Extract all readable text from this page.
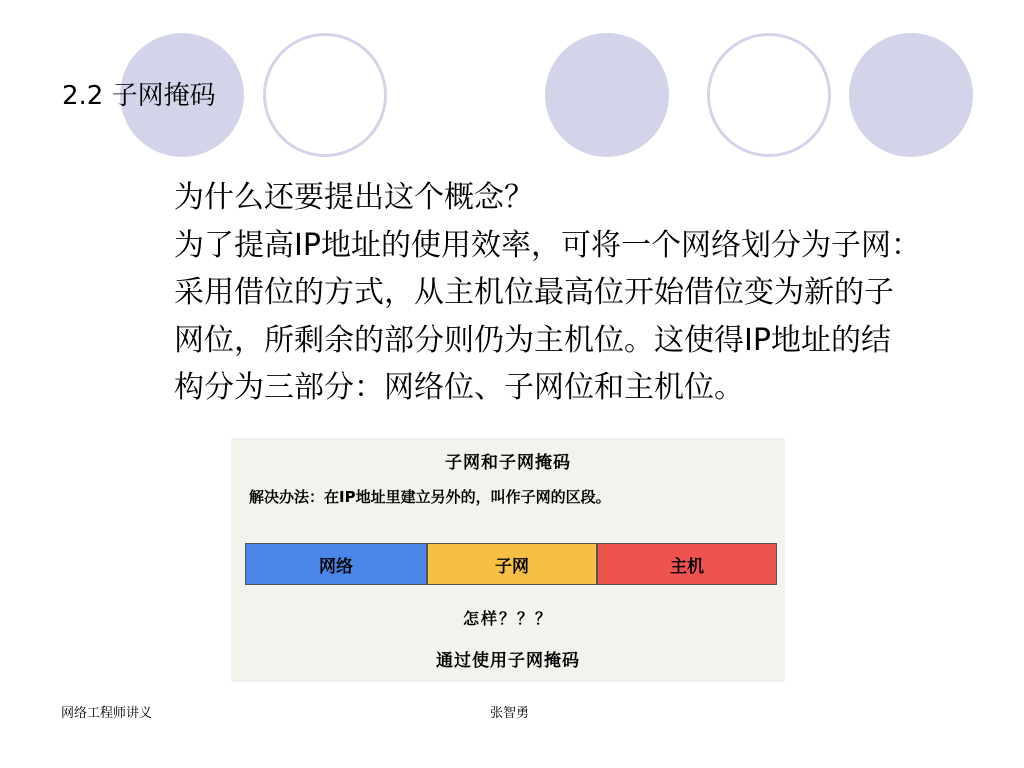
2.2 子网掩码
为什么还要提出这个概念？
为了提高IP地址的使用效率，可将一个网络划分为子网：
采用借位的方式，从主机位最高位开始借位变为新的子
网位，所剩余的部分则仍为主机位。这使得IP地址的结
构分为三部分：网络位、子网位和主机位。
子网和子网掩码
解决办法：在IP地址里建立另外的，叫作子网的区段。
网络	子网	主机
怎样？？？
通过使用子网掩码
网络工程师讲义	张智勇
